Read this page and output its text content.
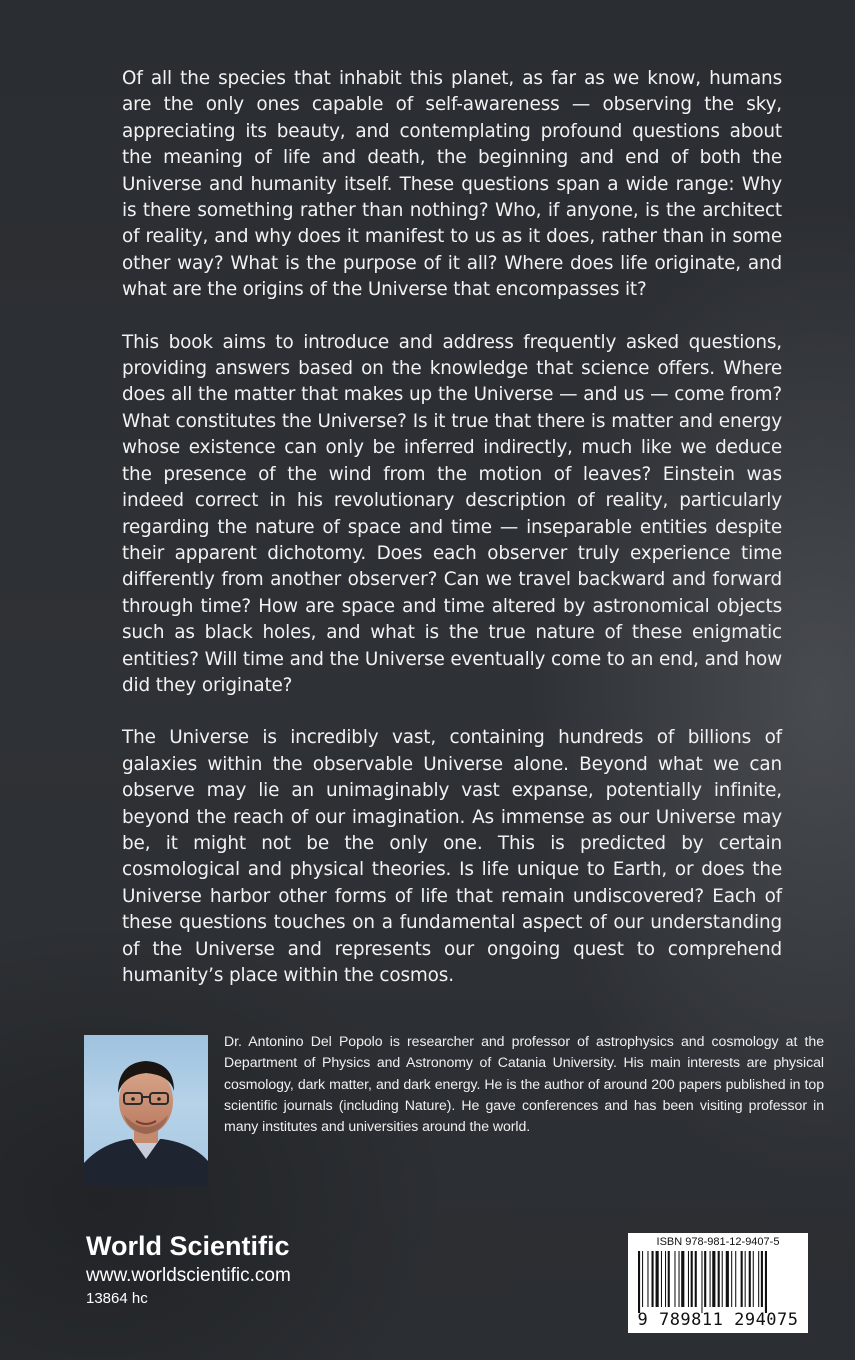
Of all the species that inhabit this planet, as far as we know, humans are the only ones capable of self-awareness — observing the sky, appreciating its beauty, and contemplating profound questions about the meaning of life and death, the beginning and end of both the Universe and humanity itself. These questions span a wide range: Why is there something rather than nothing? Who, if anyone, is the architect of reality, and why does it manifest to us as it does, rather than in some other way? What is the purpose of it all? Where does life originate, and what are the origins of the Universe that encompasses it?

This book aims to introduce and address frequently asked questions, providing answers based on the knowledge that science offers. Where does all the matter that makes up the Universe — and us — come from? What constitutes the Universe? Is it true that there is matter and energy whose existence can only be inferred indirectly, much like we deduce the presence of the wind from the motion of leaves? Einstein was indeed correct in his revolutionary description of reality, particularly regarding the nature of space and time — inseparable entities despite their apparent dichotomy. Does each observer truly experience time differently from another observer? Can we travel backward and forward through time? How are space and time altered by astronomical objects such as black holes, and what is the true nature of these enigmatic entities? Will time and the Universe eventually come to an end, and how did they originate?

The Universe is incredibly vast, containing hundreds of billions of galaxies within the observable Universe alone. Beyond what we can observe may lie an unimaginably vast expanse, potentially infinite, beyond the reach of our imagination. As immense as our Universe may be, it might not be the only one. This is predicted by certain cosmological and physical theories. Is life unique to Earth, or does the Universe harbor other forms of life that remain undiscovered? Each of these questions touches on a fundamental aspect of our understanding of the Universe and represents our ongoing quest to comprehend humanity’s place within the cosmos.

Dr. Antonino Del Popolo is researcher and professor of astrophysics and cosmology at the Department of Physics and Astronomy of Catania University. His main interests are physical cosmology, dark matter, and dark energy. He is the author of around 200 papers published in top scientific journals (including Nature). He gave conferences and has been visiting professor in many institutes and universities around the world.
World Scientific
www.worldscientific.com
13864 hc
ISBN 978-981-12-9407-5
9 789811 294075
